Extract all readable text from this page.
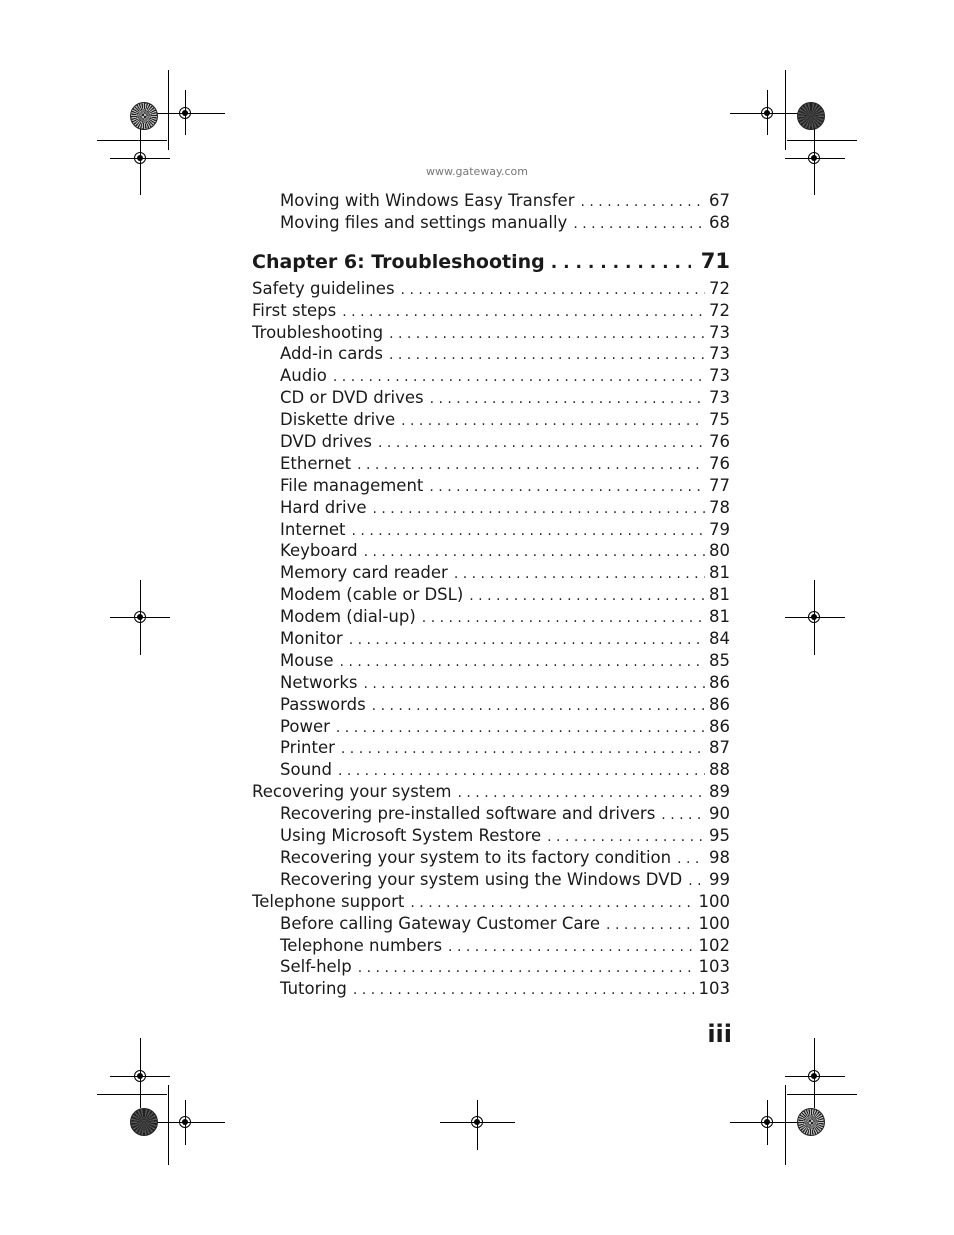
www.gateway.com
Moving with Windows Easy Transfer . . .	67
Moving files and settings manually . . .	68
Chapter 6: Troubleshooting . . .	71
Safety guidelines . . .	72
First steps . . .	72
Troubleshooting . . .	73
Add-in cards . . .	73
Audio . . .	73
CD or DVD drives . . .	73
Diskette drive . . .	75
DVD drives . . .	76
Ethernet . . .	76
File management . . .	77
Hard drive . . .	78
Internet . . .	79
Keyboard . . .	80
Memory card reader . . .	81
Modem (cable or DSL) . . .	81
Modem (dial-up) . . .	81
Monitor . . .	84
Mouse . . .	85
Networks . . .	86
Passwords . . .	86
Power . . .	86
Printer . . .	87
Sound . . .	88
Recovering your system . . .	89
Recovering pre-installed software and drivers . . .	90
Using Microsoft System Restore . . .	95
Recovering your system to its factory condition . . .	98
Recovering your system using the Windows DVD . . .	99
Telephone support . . .	100
Before calling Gateway Customer Care . . .	100
Telephone numbers . . .	102
Self-help . . .	103
Tutoring . . .	103
iii
